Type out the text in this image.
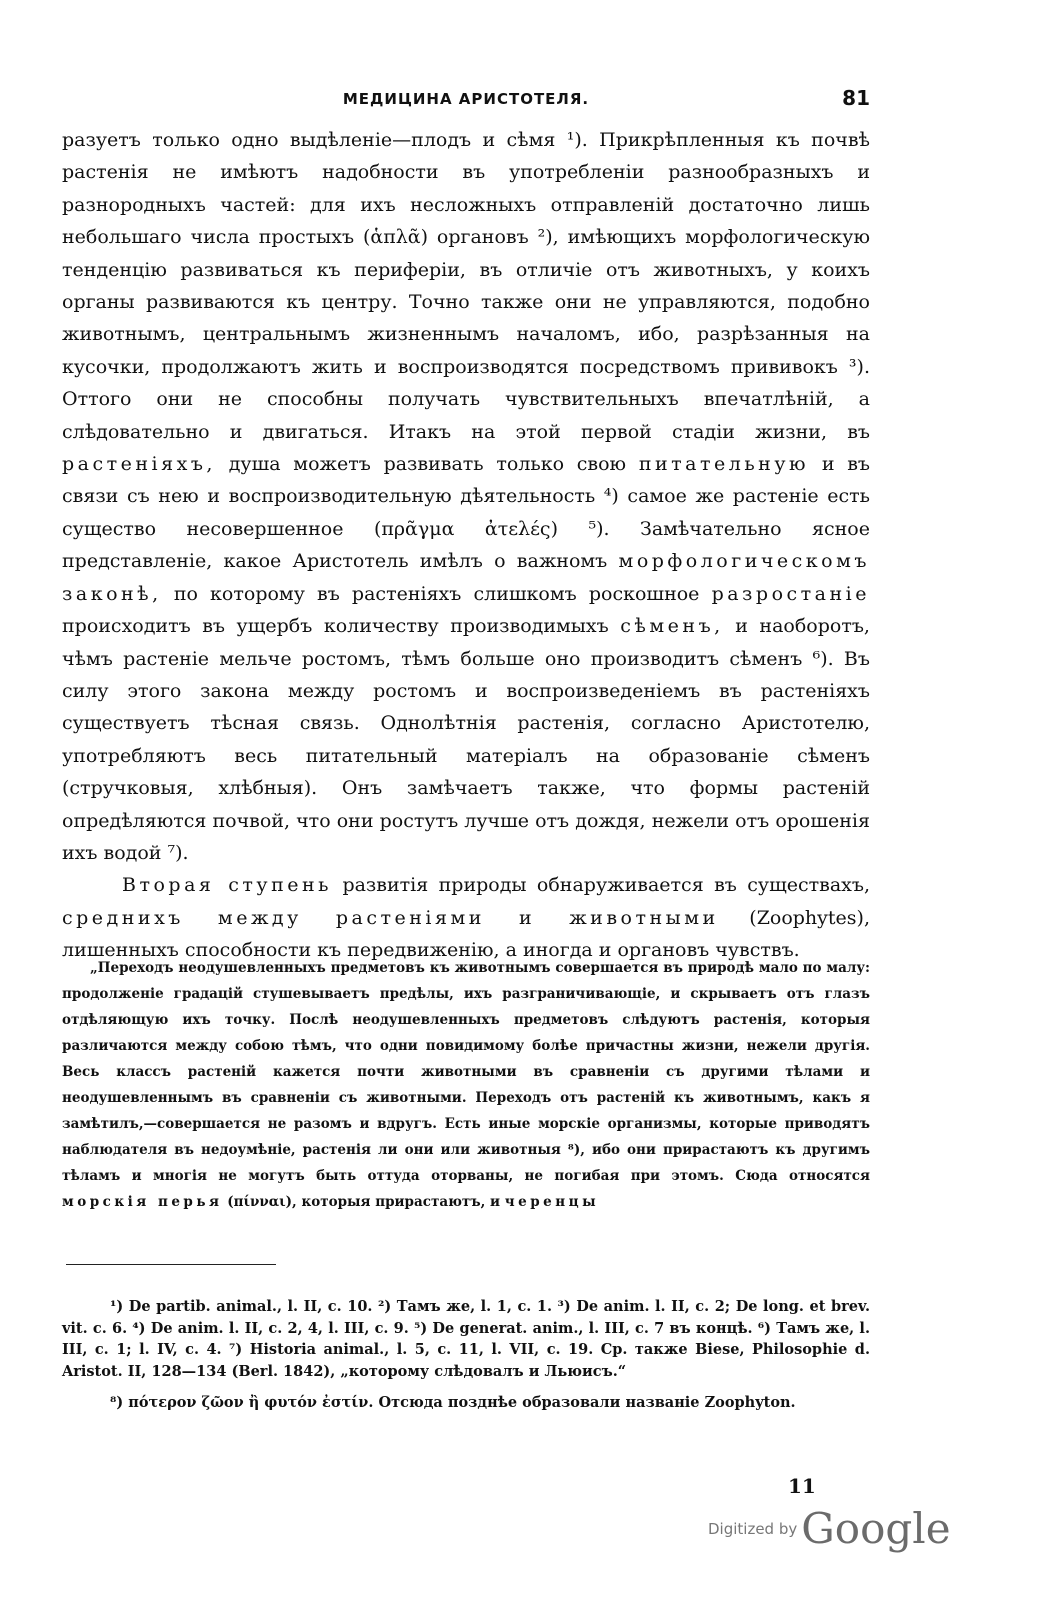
МЕДИЦИНА АРИСТОТЕЛЯ.	81

разуетъ только одно выдѣленіе—плодъ и сѣмя ¹). Прикрѣпленныя къ почвѣ растенія не имѣютъ надобности въ употребленіи разнообразныхъ и разнородныхъ частей: для ихъ несложныхъ отправленій достаточно лишь небольшаго числа простыхъ (ἁπλᾶ) органовъ ²), имѣющихъ морфологическую тенденцію развиваться къ периферіи, въ отличіе отъ животныхъ, у коихъ органы развиваются къ центру. Точно также они не управляются, подобно животнымъ, центральнымъ жизненнымъ началомъ, ибо, разрѣзанныя на кусочки, продолжаютъ жить и воспроизводятся посредствомъ прививокъ ³). Оттого они не способны получать чувствительныхъ впечатлѣній, а слѣдовательно и двигаться. Итакъ на этой первой стадіи жизни, въ растеніяхъ, душа можетъ развивать только свою питательную и въ связи съ нею и воспроизводительную дѣятельность ⁴) самое же растеніе есть существо несовершенное (πρᾶγμα ἀτελές) ⁵). Замѣчательно ясное представленіе, какое Аристотель имѣлъ о важномъ морфологическомъ законѣ, по которому въ растеніяхъ слишкомъ роскошное разростаніе происходитъ въ ущербъ количеству производимыхъ сѣменъ, и наоборотъ, чѣмъ растеніе мельче ростомъ, тѣмъ больше оно производитъ сѣменъ ⁶). Въ силу этого закона между ростомъ и воспроизведеніемъ въ растеніяхъ существуетъ тѣсная связь. Однолѣтнія растенія, согласно Аристотелю, употребляютъ весь питательный матеріалъ на образованіе сѣменъ (стручковыя, хлѣбныя). Онъ замѣчаетъ также, что формы растеній опредѣляются почвой, что они ростутъ лучше отъ дождя, нежели отъ орошенія ихъ водой ⁷).

Вторая ступень развитія природы обнаруживается въ существахъ, среднихъ между растеніями и животными (Zoophytes), лишенныхъ способности къ передвиженію, а иногда и органовъ чувствъ.

„Переходъ неодушевленныхъ предметовъ къ животнымъ совершается въ природѣ мало по малу: продолженіе градацій стушевываетъ предѣлы, ихъ разграничивающіе, и скрываетъ отъ глазъ отдѣляющую ихъ точку. Послѣ неодушевленныхъ предметовъ слѣдуютъ растенія, которыя различаются между собою тѣмъ, что одни повидимому болѣе причастны жизни, нежели другія. Весь классъ растеній кажется почти животными въ сравненіи съ другими тѣлами и неодушевленнымъ въ сравненіи съ животными. Переходъ отъ растеній къ животнымъ, какъ я замѣтилъ,—совершается не разомъ и вдругъ. Есть иные морскіе организмы, которые приводятъ наблюдателя въ недоумѣніе, растенія ли они или животныя ⁸), ибо они прирастаютъ къ другимъ тѣламъ и многія не могутъ быть оттуда оторваны, не погибая при этомъ. Сюда относятся морскія перья (πίνναι), которыя прирастаютъ, и черенцы

¹) De partib. animal., l. II, c. 10. ²) Тамъ же, l. 1, c. 1. ³) De anim. l. II, c. 2; De long. et brev. vit. c. 6. ⁴) De anim. l. II, c. 2, 4, l. III, c. 9. ⁵) De generat. anim., l. III, c. 7 въ концѣ. ⁶) Тамъ же, l. III, c. 1; l. IV, c. 4. ⁷) Historia animal., l. 5, c. 11, l. VII, c. 19. Ср. также Biese, Philosophie d. Aristot. II, 128—134 (Berl. 1842), „которому слѣдовалъ и Льюисъ.“

⁸) πότερον ζῶον ἢ φυτόν ἐστίν. Отсюда позднѣе образовали названіе Zoophyton.

11
Digitized by Google
